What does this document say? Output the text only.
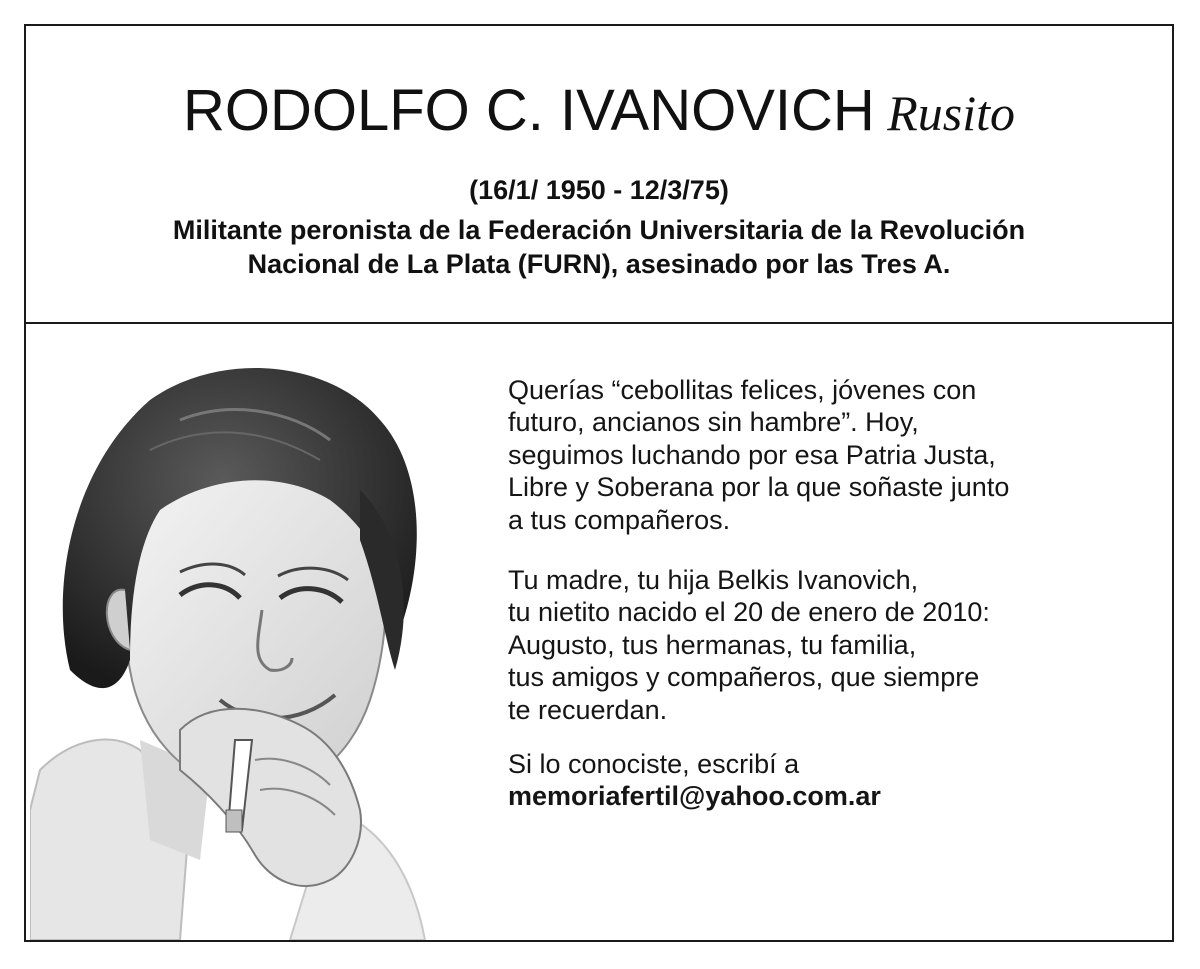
RODOLFO C. IVANOVICH Rusito
(16/1/ 1950 - 12/3/75)
Militante peronista de la Federación Universitaria de la Revolución
Nacional de La Plata (FURN), asesinado por las Tres A.

Querías “cebollitas felices, jóvenes con
futuro, ancianos sin hambre”. Hoy,
seguimos luchando por esa Patria Justa,
Libre y Soberana por la que soñaste junto
a tus compañeros.

Tu madre, tu hija Belkis Ivanovich,
tu nietito nacido el 20 de enero de 2010:
Augusto, tus hermanas, tu familia,
tus amigos y compañeros, que siempre
te recuerdan.

Si lo conociste, escribí a
memoriafertil@yahoo.com.ar
